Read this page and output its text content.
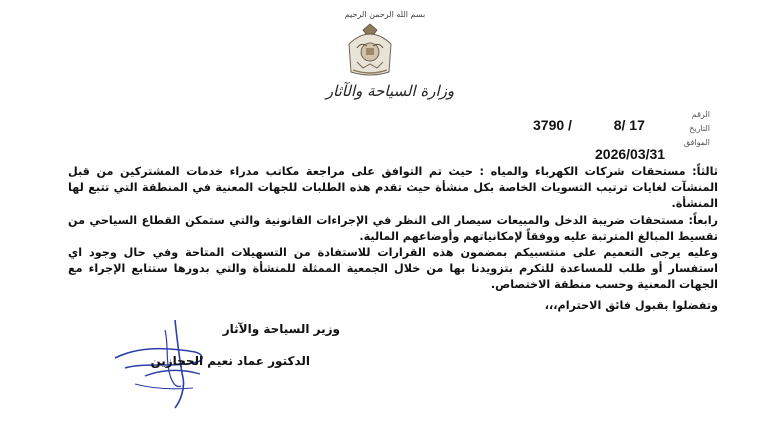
بسم الله الرحمن الرحيم
وزارة السياحة والآثار
الرقم
التاريخ
الموافق
3790 /	8/ 17
2026/03/31
ثالثاً: مستحقات شركات الكهرباء والمياه : حيث تم التوافق على مراجعة مكاتب مدراء خدمات المشتركين من قبل المنشآت لغايات ترتيب التسويات الخاصة بكل منشأة حيث تقدم هذه الطلبات للجهات المعنية في المنطقة التي تتبع لها المنشأة.
رابعاً: مستحقات ضريبة الدخل والمبيعات سيصار الى النظر في الإجراءات القانونية والتي ستمكن القطاع السياحي من تقسيط المبالغ المترتبة عليه ووفقاً لإمكانياتهم وأوضاعهم المالية.
وعليه يرجى التعميم على منتسبيكم بمضمون هذه القرارات للاستفادة من التسهيلات المتاحة وفي حال وجود اي استفسار أو طلب للمساعدة للتكرم بتزويدنا بها من خلال الجمعية الممثلة للمنشأة والتي بدورها ستتابع الإجراء مع الجهات المعنية وحسب منطقة الاختصاص.
وتفضلوا بقبول فائق الاحترام،،،
وزير السياحة والآثار
الدكتور عماد نعيم الحجازين
